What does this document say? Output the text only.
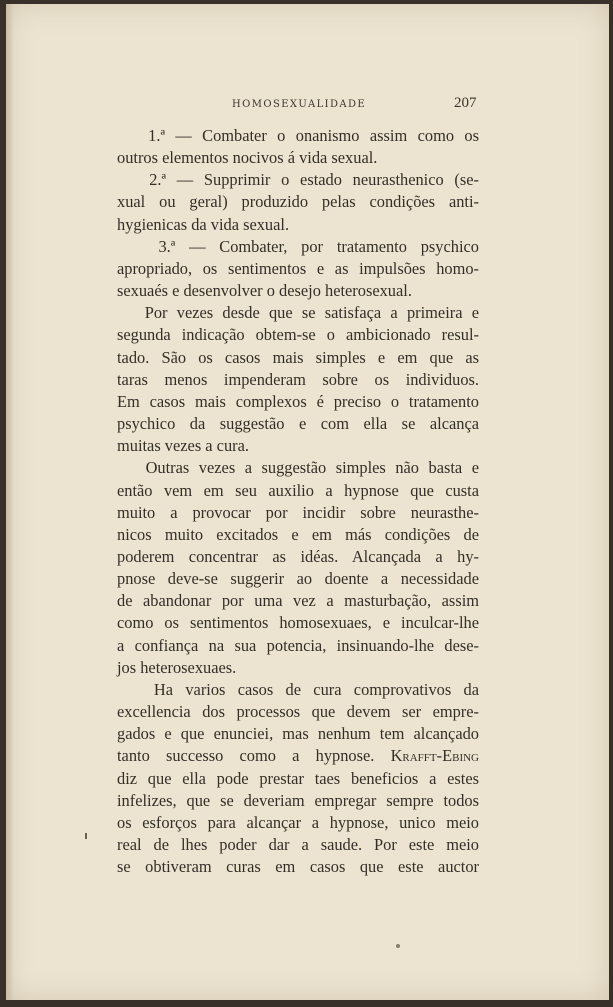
HOMOSEXUALIDADE	207
1.ª — Combater o onanismo assim como os
outros elementos nocivos á vida sexual.
2.ª — Supprimir o estado neurasthenico (se-
xual ou geral) produzido pelas condições anti-
hygienicas da vida sexual.
3.ª — Combater, por tratamento psychico
apropriado, os sentimentos e as impulsões homo-
sexuaés e desenvolver o desejo heterosexual.
Por vezes desde que se satisfaça a primeira e
segunda indicação obtem-se o ambicionado resul-
tado. São os casos mais simples e em que as
taras menos impenderam sobre os individuos.
Em casos mais complexos é preciso o tratamento
psychico da suggestão e com ella se alcança
muitas vezes a cura.
Outras vezes a suggestão simples não basta e
então vem em seu auxilio a hypnose que custa
muito a provocar por incidir sobre neurasthe-
nicos muito excitados e em más condições de
poderem concentrar as idéas. Alcançada a hy-
pnose deve-se suggerir ao doente a necessidade
de abandonar por uma vez a masturbação, assim
como os sentimentos homosexuaes, e inculcar-lhe
a confiança na sua potencia, insinuando-lhe dese-
jos heterosexuaes.
Ha varios casos de cura comprovativos da
excellencia dos processos que devem ser empre-
gados e que enunciei, mas nenhum tem alcançado
tanto successo como a hypnose. Krafft-Ebing
diz que ella pode prestar taes beneficios a estes
infelizes, que se deveriam empregar sempre todos
os esforços para alcançar a hypnose, unico meio
real de lhes poder dar a saude. Por este meio
se obtiveram curas em casos que este auctor
